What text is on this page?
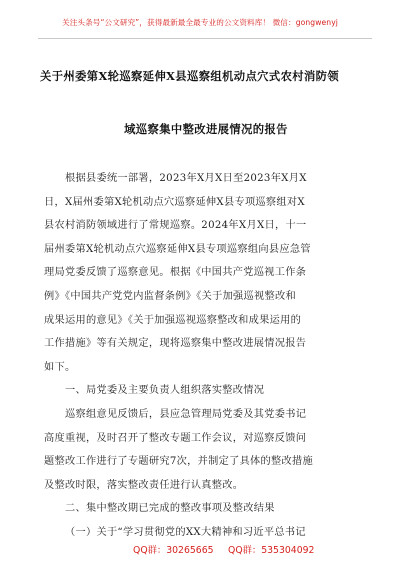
关注头条号“公文研究”，获得最新最全最专业的公文资料库！ 微信：gongwenyj
关于州委第X轮巡察延伸X县巡察组机动点穴式农村消防领
域巡察集中整改进展情况的报告
QQ群：30265665 QQ群：535304092
根据县委统一部署，2023年X月X日至2023年X月X
日，X届州委第X轮机动点穴巡察延伸X县专项巡察组对X
县农村消防领域进行了常规巡察。2024年X月X日，十一
届州委第X轮机动点穴巡察延伸X县专项巡察组向县应急管
理局党委反馈了巡察意见。根据《中国共产党巡视工作条
例》《中国共产党党内监督条例》《关于加强巡视整改和
成果运用的意见》《关于加强巡视巡察整改和成果运用的
工作措施》等有关规定，现将巡察集中整改进展情况报告
如下。
一、局党委及主要负责人组织落实整改情况
巡察组意见反馈后，县应急管理局党委及其党委书记
高度重视，及时召开了整改专题工作会议，对巡察反馈问
题整改工作进行了专题研究7次，并制定了具体的整改措施
及整改时限，落实整改责任进行认真整改。
二、集中整改期已完成的整改事项及整改结果
（一）关于“学习贯彻党的XX大精神和习近平总书记
